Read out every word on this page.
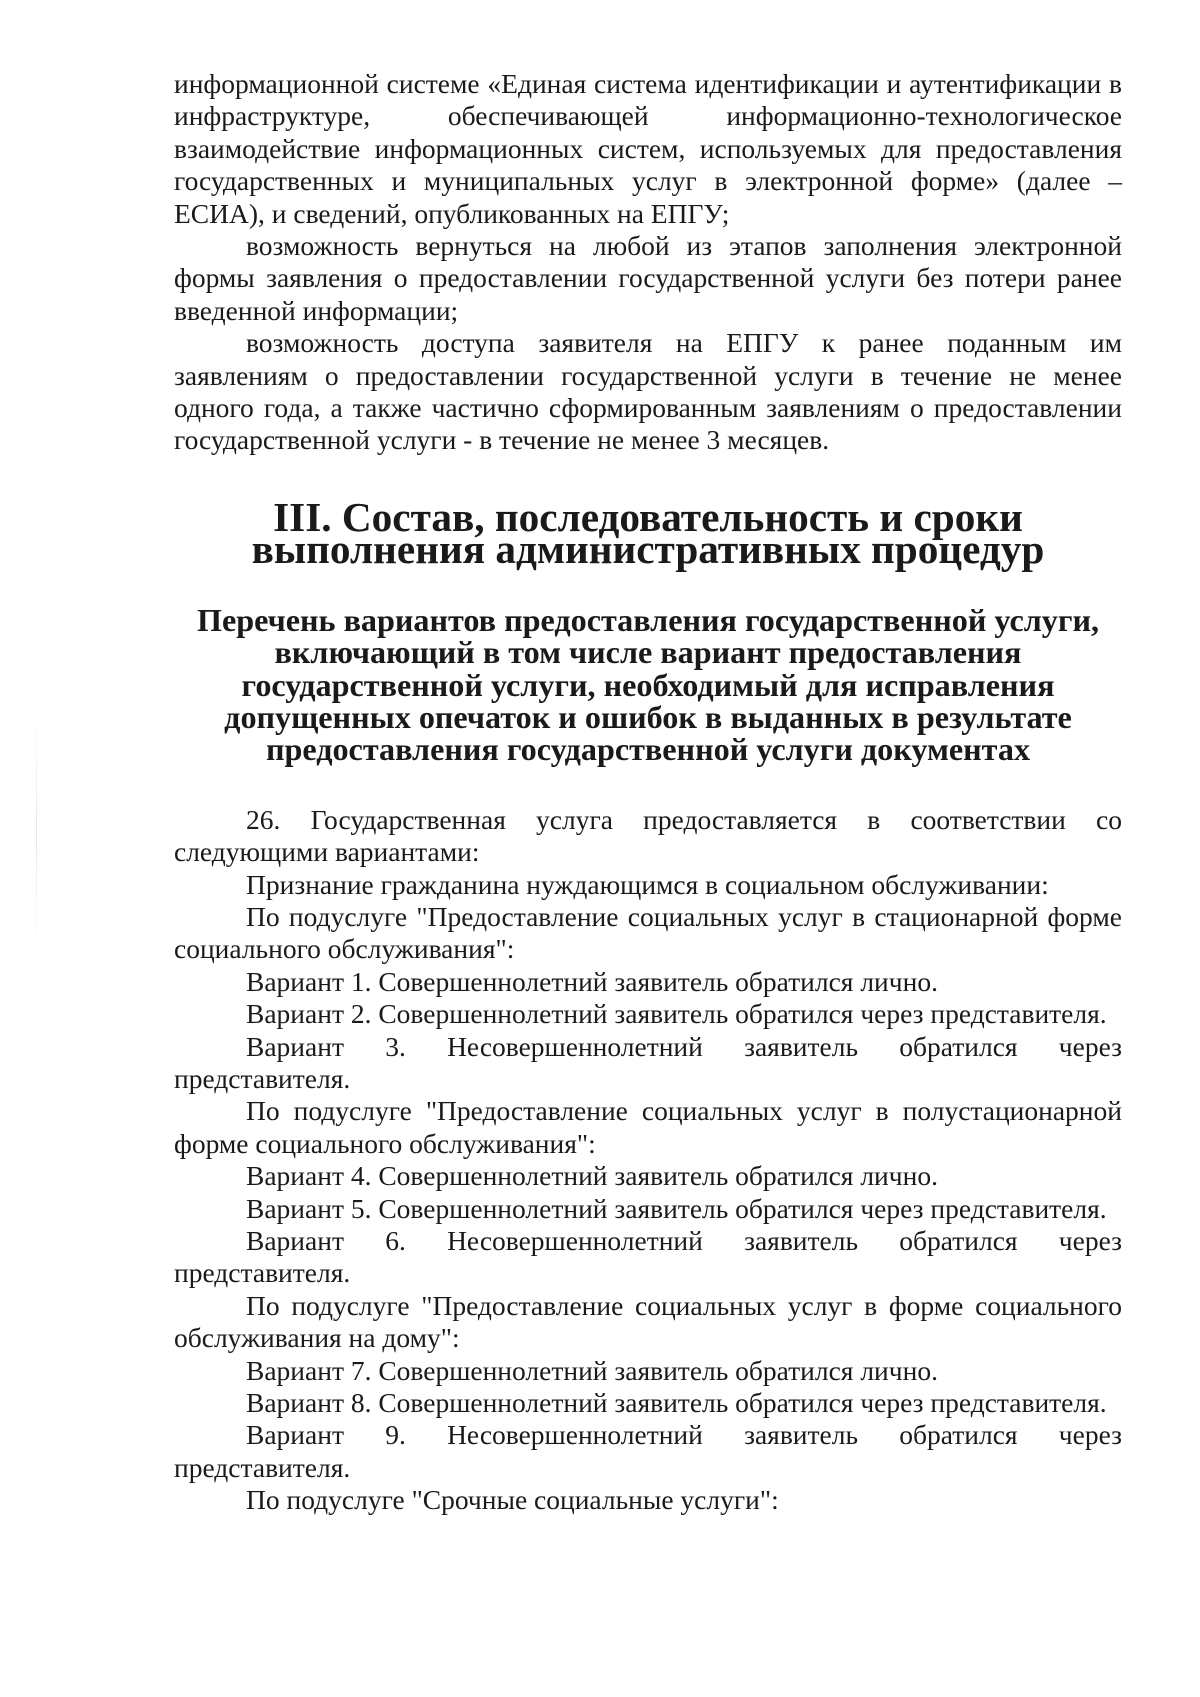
информационной системе «Единая система идентификации и аутентификации в инфраструктуре, обеспечивающей информационно-технологическое взаимодействие информационных систем, используемых для предоставления государственных и муниципальных услуг в электронной форме» (далее – ЕСИА), и сведений, опубликованных на ЕПГУ;

возможность вернуться на любой из этапов заполнения электронной формы заявления о предоставлении государственной услуги без потери ранее введенной информации;

возможность доступа заявителя на ЕПГУ к ранее поданным им заявлениям о предоставлении государственной услуги в течение не менее одного года, а также частично сформированным заявлениям о предоставлении государственной услуги - в течение не менее 3 месяцев.

III. Состав, последовательность и сроки
выполнения административных процедур
Перечень вариантов предоставления государственной услуги,
включающий в том числе вариант предоставления
государственной услуги, необходимый для исправления
допущенных опечаток и ошибок в выданных в результате
предоставления государственной услуги документах

26. Государственная услуга предоставляется в соответствии со следующими вариантами:

Признание гражданина нуждающимся в социальном обслуживании:

По подуслуге "Предоставление социальных услуг в стационарной форме социального обслуживания":

Вариант 1. Совершеннолетний заявитель обратился лично.

Вариант 2. Совершеннолетний заявитель обратился через представителя.

Вариант 3. Несовершеннолетний заявитель обратился через представителя.

По подуслуге "Предоставление социальных услуг в полустационарной форме социального обслуживания":

Вариант 4. Совершеннолетний заявитель обратился лично.

Вариант 5. Совершеннолетний заявитель обратился через представителя.

Вариант 6. Несовершеннолетний заявитель обратился через представителя.

По подуслуге "Предоставление социальных услуг в форме социального обслуживания на дому":

Вариант 7. Совершеннолетний заявитель обратился лично.

Вариант 8. Совершеннолетний заявитель обратился через представителя.

Вариант 9. Несовершеннолетний заявитель обратился через представителя.

По подуслуге "Срочные социальные услуги":
